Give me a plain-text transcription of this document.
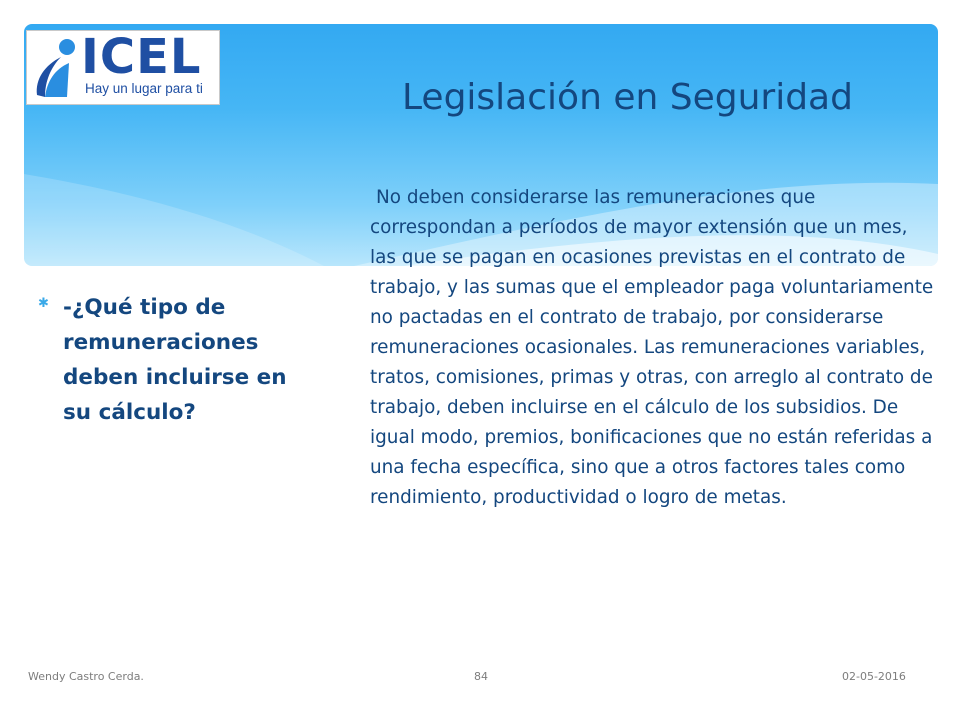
ICEL
Hay un lugar para ti	Legislación en Seguridad
✱ -¿Qué tipo de remuneraciones deben incluirse en su cálculo?
No deben considerarse las remuneraciones que correspondan a períodos de mayor extensión que un mes, las que se pagan en ocasiones previstas en el contrato de trabajo, y las sumas que el empleador paga voluntariamente no pactadas en el contrato de trabajo, por considerarse remuneraciones ocasionales. Las remuneraciones variables, tratos, comisiones, primas y otras, con arreglo al contrato de trabajo, deben incluirse en el cálculo de los subsidios. De igual modo, premios, bonificaciones que no están referidas a una fecha específica, sino que a otros factores tales como rendimiento, productividad o logro de metas.
Wendy Castro Cerda.	84	02-05-2016
